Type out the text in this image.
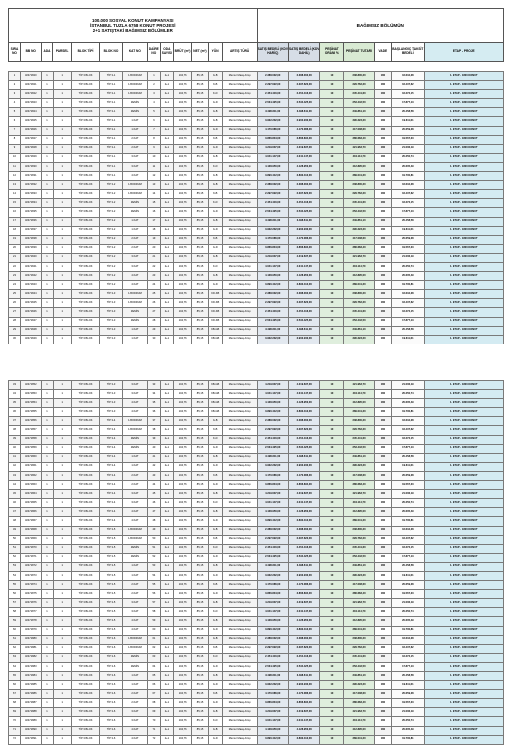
100.000 SOSYAL KONUT KAMPANYASI
İSTANBUL TUZLA 6758 KONUT PROJESİ
2+1 SATIŞTAKİ BAĞIMSIZ BÖLÜMLER													BAĞIMSIZ BÖLÜMÜN						
SIRA NO	BB NO	ADA	PARSEL	BLOK TİPİ	BLOK NO	KAT NO	DAİRE NO	ODA SAYISI	BRÜT (m²)	NET (m²)	YÖN	ARTIŞ TÜRÜ	SATIŞ BEDELİ (KDV HARİÇ)	SATIŞ BEDELİ (KDV DAHİL)	PEŞİNAT ORANI %	PEŞİNAT TUTARI	VADE	BAŞLANGIÇ TAKSİT BEDELİ	ETAP - PROJE
1	32471820	1	1	TİP 3 BLOK	TİP 3-1	1.BODRUM	1	2+1	104,76	85,15	G-B	Memur Maaş Artışı	2.388.002,00	2.388.002,00	10	238.800,20	180	16.634,28	1. ETAP - 1800 KONUT
2	32471821	1	1	TİP 3 BLOK	TİP 3-1	1.BODRUM	2	2+1	104,76	85,15	K-B	Memur Maaş Artışı	2.297.622,00	2.297.622,00	10	229.762,20	180	16.437,62	1. ETAP - 1800 KONUT
3	32471822	1	1	TİP 3 BLOK	TİP 3-1	1.BODRUM	3	2+1	104,76	85,15	K-D	Memur Maaş Artışı	2.454.416,00	2.454.416,00	10	245.441,60	180	16.272,15	1. ETAP - 1800 KONUT
4	32471823	1	1	TİP 3 BLOK	TİP 3-1	ZEMİN	4	2+1	104,76	85,15	G-D	Memur Maaş Artışı	2.534.425,00	2.534.425,00	10	253.442,50	180	17.877,13	1. ETAP - 1800 KONUT
5	32471824	1	1	TİP 3 BLOK	TİP 3-1	ZEMİN	5	2+1	104,76	85,15	G-B	Memur Maaş Artışı	3.498.611,00	3.498.611,00	10	349.861,10	180	20.458,58	1. ETAP - 1800 KONUT
6	32471825	1	1	TİP 3 BLOK	TİP 3-1	1.KAT	6	2+1	104,76	85,15	G-B	Memur Maaş Artışı	3.902.232,00	3.902.232,00	10	390.223,20	180	19.611,61	1. ETAP - 1800 KONUT
7	32471826	1	1	TİP 3 BLOK	TİP 3-1	1.KAT	7	2+1	104,76	85,15	G-D	Memur Maaş Artışı	4.170.086,00	4.170.086,00	10	417.008,60	180	20.659,28	1. ETAP - 1800 KONUT
8	32471827	1	1	TİP 3 BLOK	TİP 3-1	2.KAT	8	2+1	104,76	85,15	K-B	Memur Maaş Artışı	3.866.834,00	3.866.834,00	10	386.683,40	180	19.567,23	1. ETAP - 1800 KONUT
9	32471828	1	1	TİP 3 BLOK	TİP 3-1	2.KAT	9	2+1	104,76	85,15	G-D	Memur Maaş Artışı	4.219.637,00	4.219.637,00	10	421.963,70	180	21.006,19	1. ETAP - 1800 KONUT
10	32471829	1	1	TİP 3 BLOK	TİP 3-1	3.KAT	10	2+1	104,76	85,15	G-B	Memur Maaş Artışı	4.041.147,00	4.041.147,00	10	404.114,70	180	20.250,74	1. ETAP - 1800 KONUT
11	32471830	1	1	TİP 3 BLOK	TİP 3-1	3.KAT	11	2+1	104,76	85,15	K-D	Memur Maaş Artışı	4.128.950,00	4.128.950,00	10	412.895,00	180	20.605,49	1. ETAP - 1800 KONUT
12	32471831	1	1	TİP 3 BLOK	TİP 3-1	4.KAT	12	2+1	104,76	85,15	G-B	Memur Maaş Artışı	3.890.412,00	3.890.412,00	10	389.041,20	180	19.700,81	1. ETAP - 1800 KONUT
13	32471832	1	1	TİP 3 BLOK	TİP 3-2	1.BODRUM	13	2+1	104,76	85,15	G-B	Memur Maaş Artışı	2.388.002,00	2.388.002,00	10	238.800,20	180	16.634,28	1. ETAP - 1800 KONUT
14	32471833	1	1	TİP 3 BLOK	TİP 3-2	1.BODRUM	14	2+1	104,76	85,15	K-B	Memur Maaş Artışı	2.297.622,00	2.297.622,00	10	229.762,20	180	16.437,62	1. ETAP - 1800 KONUT
15	32471834	1	1	TİP 3 BLOK	TİP 3-2	ZEMİN	15	2+1	104,76	85,15	K-D	Memur Maaş Artışı	2.454.416,00	2.454.416,00	10	245.441,60	180	16.272,15	1. ETAP - 1800 KONUT
16	32471835	1	1	TİP 3 BLOK	TİP 3-2	ZEMİN	16	2+1	104,76	85,15	G-D	Memur Maaş Artışı	2.534.425,00	2.534.425,00	10	253.442,50	180	17.877,13	1. ETAP - 1800 KONUT
17	32471836	1	1	TİP 3 BLOK	TİP 3-2	1.KAT	17	2+1	104,76	85,15	G-B	Memur Maaş Artışı	3.498.611,00	3.498.611,00	10	349.861,10	180	20.458,58	1. ETAP - 1800 KONUT
18	32471837	1	1	TİP 3 BLOK	TİP 3-2	1.KAT	18	2+1	104,76	85,15	G-D	Memur Maaş Artışı	3.902.232,00	3.902.232,00	10	390.223,20	180	19.611,61	1. ETAP - 1800 KONUT
19	32471838	1	1	TİP 3 BLOK	TİP 3-2	2.KAT	19	2+1	104,76	85,15	K-B	Memur Maaş Artışı	4.170.086,00	4.170.086,00	10	417.008,60	180	20.659,28	1. ETAP - 1800 KONUT
20	32471839	1	1	TİP 3 BLOK	TİP 3-2	2.KAT	20	2+1	104,76	85,15	G-D	Memur Maaş Artışı	3.866.834,00	3.866.834,00	10	386.683,40	180	19.567,23	1. ETAP - 1800 KONUT
21	32471840	1	1	TİP 3 BLOK	TİP 3-2	3.KAT	21	2+1	104,76	85,15	G-B	Memur Maaş Artışı	4.219.637,00	4.219.637,00	10	421.963,70	180	21.006,19	1. ETAP - 1800 KONUT
22	32471841	1	1	TİP 3 BLOK	TİP 3-2	3.KAT	22	2+1	104,76	85,15	K-D	Memur Maaş Artışı	4.041.147,00	4.041.147,00	10	404.114,70	180	20.250,74	1. ETAP - 1800 KONUT
23	32471842	1	1	TİP 3 BLOK	TİP 3-2	4.KAT	23	2+1	104,76	85,15	G-B	Memur Maaş Artışı	4.128.950,00	4.128.950,00	10	412.895,00	180	20.605,49	1. ETAP - 1800 KONUT
24	32471843	1	1	TİP 3 BLOK	TİP 3-2	4.KAT	24	2+1	104,76	85,15	G-D	Memur Maaş Artışı	3.890.412,00	3.890.412,00	10	389.041,20	180	19.700,81	1. ETAP - 1800 KONUT
25	32471844	1	1	TİP 3 BLOK	TİP 3-3	1.BODRUM	25	2+1	104,76	85,15	KD-KB	Memur Maaş Artışı	2.388.002,00	2.388.002,00	10	238.800,20	180	16.634,28	1. ETAP - 1800 KONUT
26	32471845	1	1	TİP 3 BLOK	TİP 3-3	1.BODRUM	26	2+1	104,76	85,15	KD-KB	Memur Maaş Artışı	2.297.622,00	2.297.622,00	10	229.762,20	180	16.437,62	1. ETAP - 1800 KONUT
27	32471846	1	1	TİP 3 BLOK	TİP 3-3	ZEMİN	27	2+1	104,76	85,15	KD-KB	Memur Maaş Artışı	2.454.416,00	2.454.416,00	10	245.441,60	180	16.272,15	1. ETAP - 1800 KONUT
28	32471847	1	1	TİP 3 BLOK	TİP 3-3	ZEMİN	28	2+1	104,76	85,15	KD-KB	Memur Maaş Artışı	2.534.425,00	2.534.425,00	10	253.442,50	180	17.877,13	1. ETAP - 1800 KONUT
29	32471848	1	1	TİP 3 BLOK	TİP 3-3	1.KAT	29	2+1	104,76	85,15	KB-GB	Memur Maaş Artışı	3.498.611,00	3.498.611,00	10	349.861,10	180	20.458,58	1. ETAP - 1800 KONUT
30	32471849	1	1	TİP 3 BLOK	TİP 3-3	1.KAT	30	2+1	104,76	85,15	KB-GB	Memur Maaş Artışı	3.902.232,00	3.902.232,00	10	390.223,20	180	19.611,61	1. ETAP - 1800 KONUT

33	32471852	1	1	TİP 3 BLOK	TİP 3-3	3.KAT	33	2+1	104,76	85,15	KB-GB	Memur Maaş Artışı	4.219.637,00	4.219.637,00	10	421.963,70	180	21.006,19	1. ETAP - 1800 KONUT
34	32471853	1	1	TİP 3 BLOK	TİP 3-3	3.KAT	34	2+1	104,76	85,15	KB-GB	Memur Maaş Artışı	4.041.147,00	4.041.147,00	10	404.114,70	180	20.250,74	1. ETAP - 1800 KONUT
35	32471854	1	1	TİP 3 BLOK	TİP 3-3	4.KAT	35	2+1	104,76	85,15	KB-GB	Memur Maaş Artışı	4.128.950,00	4.128.950,00	10	412.895,00	180	20.605,49	1. ETAP - 1800 KONUT
36	32471855	1	1	TİP 3 BLOK	TİP 3-3	4.KAT	36	2+1	104,76	85,15	KB-GB	Memur Maaş Artışı	3.890.412,00	3.890.412,00	10	389.041,20	180	19.700,81	1. ETAP - 1800 KONUT
37	32471856	1	1	TİP 3 BLOK	TİP 3-4	1.BODRUM	37	2+1	104,76	85,15	G-B	Memur Maaş Artışı	2.388.002,00	2.388.002,00	10	238.800,20	180	16.634,28	1. ETAP - 1800 KONUT
38	32471857	1	1	TİP 3 BLOK	TİP 3-4	1.BODRUM	38	2+1	104,76	85,15	K-B	Memur Maaş Artışı	2.297.622,00	2.297.622,00	10	229.762,20	180	16.437,62	1. ETAP - 1800 KONUT
39	32471858	1	1	TİP 3 BLOK	TİP 3-4	ZEMİN	39	2+1	104,76	85,15	K-D	Memur Maaş Artışı	2.454.416,00	2.454.416,00	10	245.441,60	180	16.272,15	1. ETAP - 1800 KONUT
40	32471859	1	1	TİP 3 BLOK	TİP 3-4	ZEMİN	40	2+1	104,76	85,15	G-D	Memur Maaş Artışı	2.534.425,00	2.534.425,00	10	253.442,50	180	17.877,13	1. ETAP - 1800 KONUT
41	32471860	1	1	TİP 3 BLOK	TİP 3-4	1.KAT	41	2+1	104,76	85,15	G-B	Memur Maaş Artışı	3.498.611,00	3.498.611,00	10	349.861,10	180	20.458,58	1. ETAP - 1800 KONUT
42	32471861	1	1	TİP 3 BLOK	TİP 3-4	1.KAT	42	2+1	104,76	85,15	G-D	Memur Maaş Artışı	3.902.232,00	3.902.232,00	10	390.223,20	180	19.611,61	1. ETAP - 1800 KONUT
43	32471862	1	1	TİP 3 BLOK	TİP 3-4	2.KAT	43	2+1	104,76	85,15	K-B	Memur Maaş Artışı	4.170.086,00	4.170.086,00	10	417.008,60	180	20.659,28	1. ETAP - 1800 KONUT
44	32471863	1	1	TİP 3 BLOK	TİP 3-4	2.KAT	44	2+1	104,76	85,15	G-D	Memur Maaş Artışı	3.866.834,00	3.866.834,00	10	386.683,40	180	19.567,23	1. ETAP - 1800 KONUT
45	32471864	1	1	TİP 3 BLOK	TİP 3-4	3.KAT	45	2+1	104,76	85,15	G-B	Memur Maaş Artışı	4.219.637,00	4.219.637,00	10	421.963,70	180	21.006,19	1. ETAP - 1800 KONUT
46	32471865	1	1	TİP 3 BLOK	TİP 3-4	3.KAT	46	2+1	104,76	85,15	K-D	Memur Maaş Artışı	4.041.147,00	4.041.147,00	10	404.114,70	180	20.250,74	1. ETAP - 1800 KONUT
47	32471866	1	1	TİP 3 BLOK	TİP 3-4	4.KAT	47	2+1	104,76	85,15	G-B	Memur Maaş Artışı	4.128.950,00	4.128.950,00	10	412.895,00	180	20.605,49	1. ETAP - 1800 KONUT
48	32471867	1	1	TİP 3 BLOK	TİP 3-4	4.KAT	48	2+1	104,76	85,15	G-D	Memur Maaş Artışı	3.890.412,00	3.890.412,00	10	389.041,20	180	19.700,81	1. ETAP - 1800 KONUT
49	32471868	1	1	TİP 3 BLOK	TİP 3-5	1.BODRUM	49	2+1	104,76	85,15	G-B	Memur Maaş Artışı	2.388.002,00	2.388.002,00	10	238.800,20	180	16.634,28	1. ETAP - 1800 KONUT
50	32471869	1	1	TİP 3 BLOK	TİP 3-5	1.BODRUM	50	2+1	104,76	85,15	K-B	Memur Maaş Artışı	2.297.622,00	2.297.622,00	10	229.762,20	180	16.437,62	1. ETAP - 1800 KONUT
51	32471870	1	1	TİP 3 BLOK	TİP 3-5	ZEMİN	51	2+1	104,76	85,15	K-D	Memur Maaş Artışı	2.454.416,00	2.454.416,00	10	245.441,60	180	16.272,15	1. ETAP - 1800 KONUT
52	32471871	1	1	TİP 3 BLOK	TİP 3-5	ZEMİN	52	2+1	104,76	85,15	G-D	Memur Maaş Artışı	2.534.425,00	2.534.425,00	10	253.442,50	180	17.877,13	1. ETAP - 1800 KONUT
53	32471872	1	1	TİP 3 BLOK	TİP 3-5	1.KAT	53	2+1	104,76	85,15	G-B	Memur Maaş Artışı	3.498.611,00	3.498.611,00	10	349.861,10	180	20.458,58	1. ETAP - 1800 KONUT
54	32471873	1	1	TİP 3 BLOK	TİP 3-5	1.KAT	54	2+1	104,76	85,15	G-D	Memur Maaş Artışı	3.902.232,00	3.902.232,00	10	390.223,20	180	19.611,61	1. ETAP - 1800 KONUT
55	32471874	1	1	TİP 3 BLOK	TİP 3-5	2.KAT	55	2+1	104,76	85,15	K-B	Memur Maaş Artışı	4.170.086,00	4.170.086,00	10	417.008,60	180	20.659,28	1. ETAP - 1800 KONUT
56	32471875	1	1	TİP 3 BLOK	TİP 3-5	2.KAT	56	2+1	104,76	85,15	G-D	Memur Maaş Artışı	3.866.834,00	3.866.834,00	10	386.683,40	180	19.567,23	1. ETAP - 1800 KONUT
57	32471876	1	1	TİP 3 BLOK	TİP 3-5	3.KAT	57	2+1	104,76	85,15	G-B	Memur Maaş Artışı	4.219.637,00	4.219.637,00	10	421.963,70	180	21.006,19	1. ETAP - 1800 KONUT
58	32471877	1	1	TİP 3 BLOK	TİP 3-5	3.KAT	58	2+1	104,76	85,15	K-D	Memur Maaş Artışı	4.041.147,00	4.041.147,00	10	404.114,70	180	20.250,74	1. ETAP - 1800 KONUT
59	32471878	1	1	TİP 3 BLOK	TİP 3-5	4.KAT	59	2+1	104,76	85,15	G-B	Memur Maaş Artışı	4.128.950,00	4.128.950,00	10	412.895,00	180	20.605,49	1. ETAP - 1800 KONUT
60	32471879	1	1	TİP 3 BLOK	TİP 3-5	4.KAT	60	2+1	104,76	85,15	G-D	Memur Maaş Artışı	3.890.412,00	3.890.412,00	10	389.041,20	180	19.700,81	1. ETAP - 1800 KONUT
61	32471880	1	1	TİP 3 BLOK	TİP 3-6	1.BODRUM	61	2+1	104,76	85,15	G-B	Memur Maaş Artışı	2.388.002,00	2.388.002,00	10	238.800,20	180	16.634,28	1. ETAP - 1800 KONUT
62	32471881	1	1	TİP 3 BLOK	TİP 3-6	1.BODRUM	62	2+1	104,76	85,15	K-B	Memur Maaş Artışı	2.297.622,00	2.297.622,00	10	229.762,20	180	16.437,62	1. ETAP - 1800 KONUT
63	32471882	1	1	TİP 3 BLOK	TİP 3-6	ZEMİN	63	2+1	104,76	85,15	K-D	Memur Maaş Artışı	2.454.416,00	2.454.416,00	10	245.441,60	180	16.272,15	1. ETAP - 1800 KONUT
64	32471883	1	1	TİP 3 BLOK	TİP 3-6	ZEMİN	64	2+1	104,76	85,15	G-D	Memur Maaş Artışı	2.534.425,00	2.534.425,00	10	253.442,50	180	17.877,13	1. ETAP - 1800 KONUT
65	32471884	1	1	TİP 3 BLOK	TİP 3-6	1.KAT	65	2+1	104,76	85,15	G-B	Memur Maaş Artışı	3.498.611,00	3.498.611,00	10	349.861,10	180	20.458,58	1. ETAP - 1800 KONUT
66	32471885	1	1	TİP 3 BLOK	TİP 3-6	1.KAT	66	2+1	104,76	85,15	G-D	Memur Maaş Artışı	3.902.232,00	3.902.232,00	10	390.223,20	180	19.611,61	1. ETAP - 1800 KONUT
67	32471886	1	1	TİP 3 BLOK	TİP 3-6	2.KAT	67	2+1	104,76	85,15	K-B	Memur Maaş Artışı	4.170.086,00	4.170.086,00	10	417.008,60	180	20.659,28	1. ETAP - 1800 KONUT
68	32471887	1	1	TİP 3 BLOK	TİP 3-6	2.KAT	68	2+1	104,76	85,15	G-D	Memur Maaş Artışı	3.866.834,00	3.866.834,00	10	386.683,40	180	19.567,23	1. ETAP - 1800 KONUT
69	32471888	1	1	TİP 3 BLOK	TİP 3-6	3.KAT	69	2+1	104,76	85,15	G-B	Memur Maaş Artışı	4.219.637,00	4.219.637,00	10	421.963,70	180	21.006,19	1. ETAP - 1800 KONUT
70	32471889	1	1	TİP 3 BLOK	TİP 3-6	3.KAT	70	2+1	104,76	85,15	K-D	Memur Maaş Artışı	4.041.147,00	4.041.147,00	10	404.114,70	180	20.250,74	1. ETAP - 1800 KONUT
71	32471890	1	1	TİP 3 BLOK	TİP 3-6	4.KAT	71	2+1	104,76	85,15	G-B	Memur Maaş Artışı	4.128.950,00	4.128.950,00	10	412.895,00	180	20.605,49	1. ETAP - 1800 KONUT
72	32471891	1	1	TİP 3 BLOK	TİP 3-6	4.KAT	72	2+1	104,76	85,15	G-D	Memur Maaş Artışı	3.890.412,00	3.890.412,00	10	389.041,20	180	19.700,81	1. ETAP - 1800 KONUT
